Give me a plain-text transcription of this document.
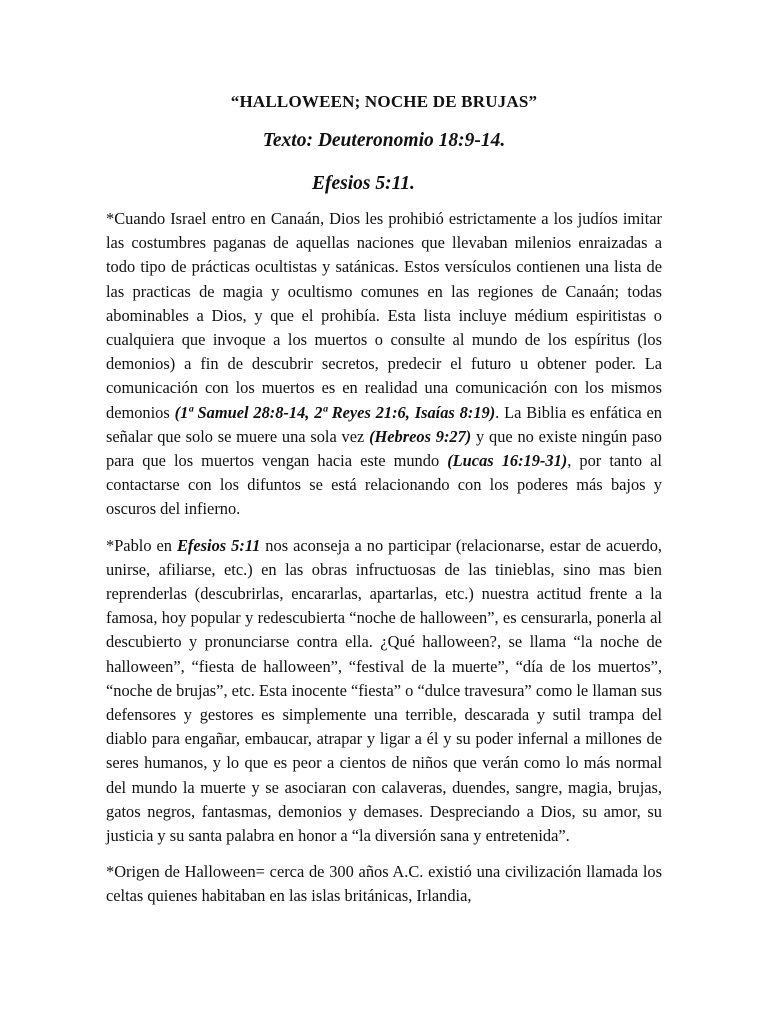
“HALLOWEEN; NOCHE DE BRUJAS”
Texto: Deuteronomio 18:9-14.
Efesios 5:11.

*Cuando Israel entro en Canaán, Dios les prohibió estrictamente a los judíos imitar las costumbres paganas de aquellas naciones que llevaban milenios enraizadas a todo tipo de prácticas ocultistas y satánicas. Estos versículos contienen una lista de las practicas de magia y ocultismo comunes en las regiones de Canaán; todas abominables a Dios, y que el prohibía. Esta lista incluye médium espiritistas o cualquiera que invoque a los muertos o consulte al mundo de los espíritus (los demonios) a fin de descubrir secretos, predecir el futuro u obtener poder. La comunicación con los muertos es en realidad una comunicación con los mismos demonios (1ª Samuel 28:8-14, 2ª Reyes 21:6, Isaías 8:19). La Biblia es enfática en señalar que solo se muere una sola vez (Hebreos 9:27) y que no existe ningún paso para que los muertos vengan hacia este mundo (Lucas 16:19-31), por tanto al contactarse con los difuntos se está relacionando con los poderes más bajos y oscuros del infierno.

*Pablo en Efesios 5:11 nos aconseja a no participar (relacionarse, estar de acuerdo, unirse, afiliarse, etc.) en las obras infructuosas de las tinieblas, sino mas bien reprenderlas (descubrirlas, encararlas, apartarlas, etc.) nuestra actitud frente a la famosa, hoy popular y redescubierta “noche de halloween”, es censurarla, ponerla al descubierto y pronunciarse contra ella. ¿Qué halloween?, se llama “la noche de halloween”, “fiesta de halloween”, “festival de la muerte”, “día de los muertos”, “noche de brujas”, etc. Esta inocente “fiesta” o “dulce travesura” como le llaman sus defensores y gestores es simplemente una terrible, descarada y sutil trampa del diablo para engañar, embaucar, atrapar y ligar a él y su poder infernal a millones de seres humanos, y lo que es peor a cientos de niños que verán como lo más normal del mundo la muerte y se asociaran con calaveras, duendes, sangre, magia, brujas, gatos negros, fantasmas, demonios y demases. Despreciando a Dios, su amor, su justicia y su santa palabra en honor a “la diversión sana y entretenida”.

*Origen de Halloween= cerca de 300 años A.C. existió una civilización llamada los celtas quienes habitaban en las islas británicas, Irlandia,
